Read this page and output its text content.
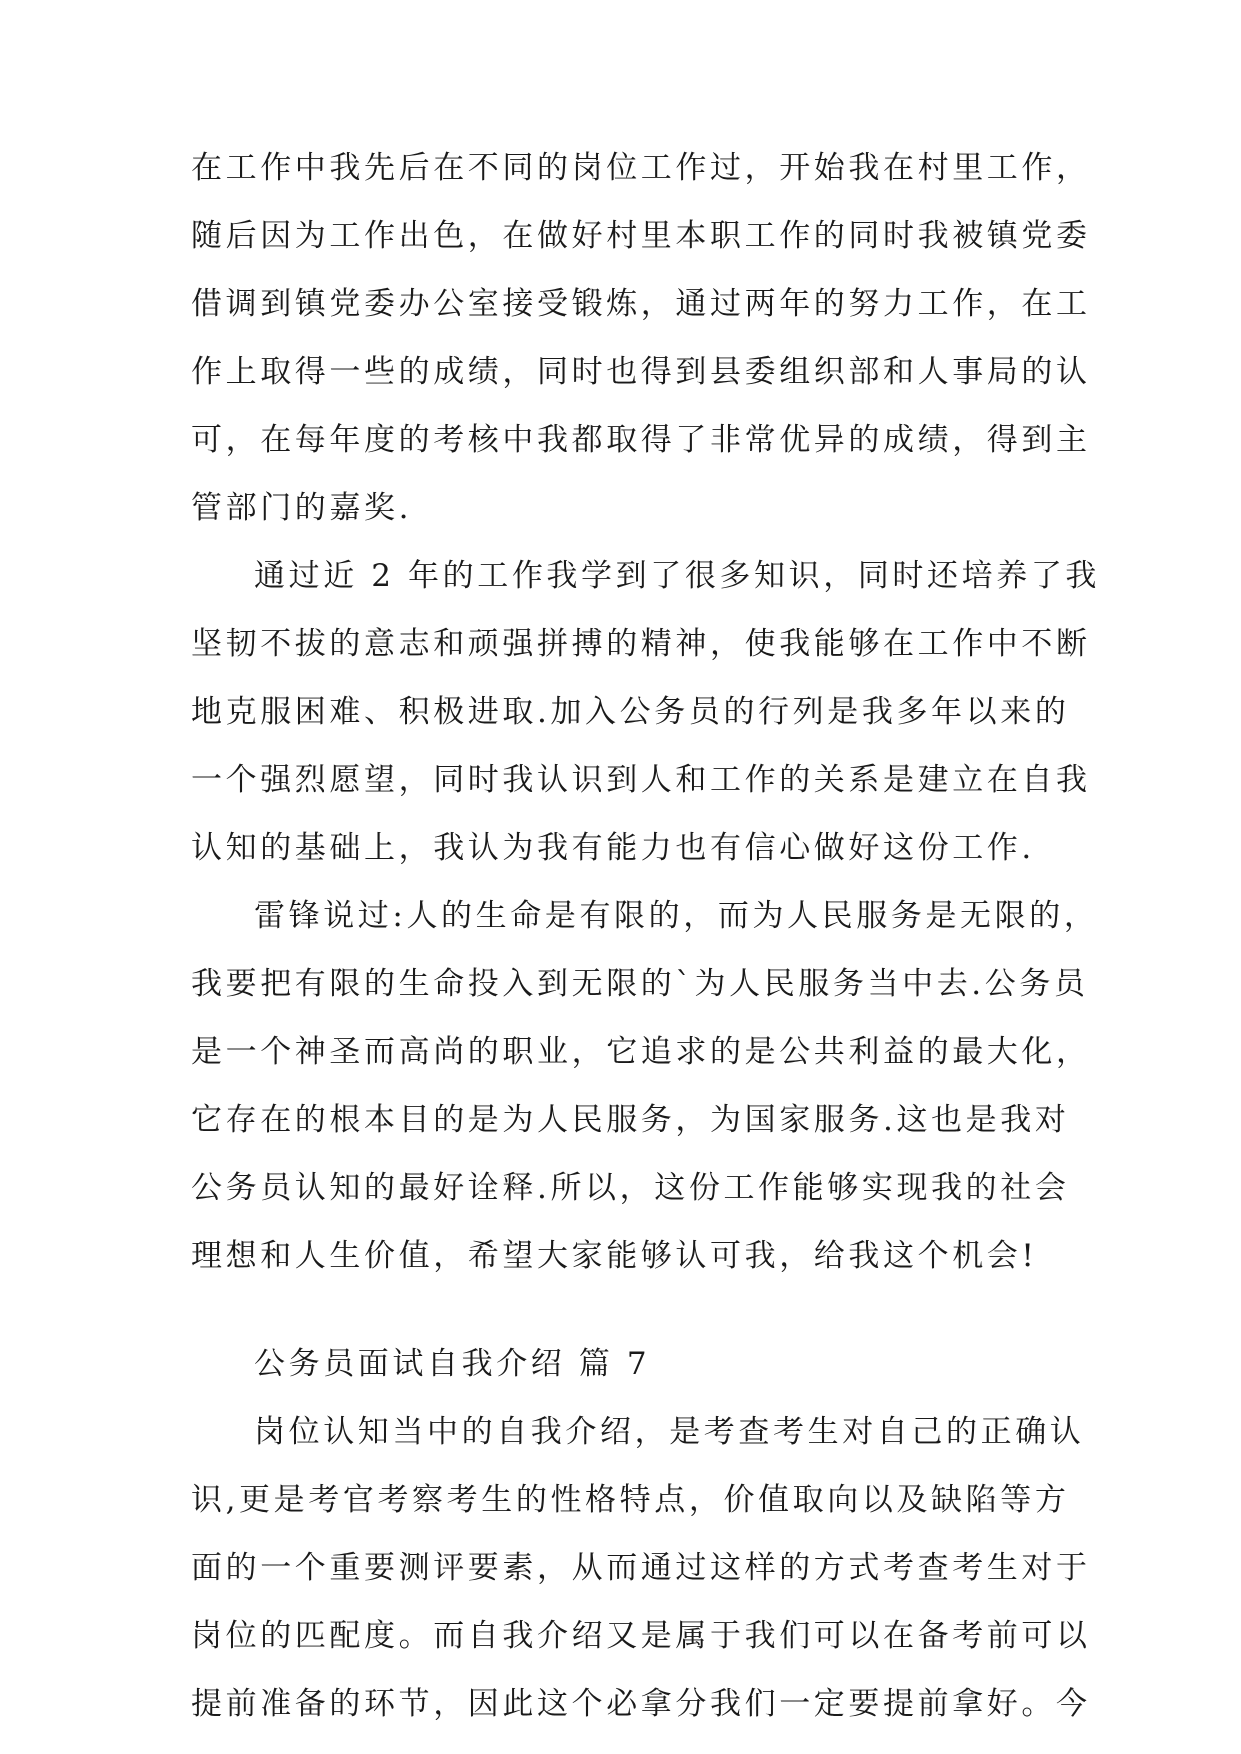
在工作中我先后在不同的岗位工作过，开始我在村里工作，

随后因为工作出色，在做好村里本职工作的同时我被镇党委

借调到镇党委办公室接受锻炼，通过两年的努力工作，在工

作上取得一些的成绩，同时也得到县委组织部和人事局的认

可，在每年度的考核中我都取得了非常优异的成绩，得到主

管部门的嘉奖.

通过近 2 年的工作我学到了很多知识，同时还培养了我

坚韧不拔的意志和顽强拼搏的精神，使我能够在工作中不断

地克服困难、积极进取.加入公务员的行列是我多年以来的

一个强烈愿望，同时我认识到人和工作的关系是建立在自我

认知的基础上，我认为我有能力也有信心做好这份工作.

雷锋说过:人的生命是有限的，而为人民服务是无限的，

我要把有限的生命投入到无限的`为人民服务当中去.公务员

是一个神圣而高尚的职业，它追求的是公共利益的最大化，

它存在的根本目的是为人民服务，为国家服务.这也是我对

公务员认知的最好诠释.所以，这份工作能够实现我的社会

理想和人生价值，希望大家能够认可我，给我这个机会!

公务员面试自我介绍 篇 7

岗位认知当中的自我介绍，是考查考生对自己的正确认

识,更是考官考察考生的性格特点，价值取向以及缺陷等方

面的一个重要测评要素，从而通过这样的方式考查考生对于

岗位的匹配度。而自我介绍又是属于我们可以在备考前可以

提前准备的环节，因此这个必拿分我们一定要提前拿好。今
